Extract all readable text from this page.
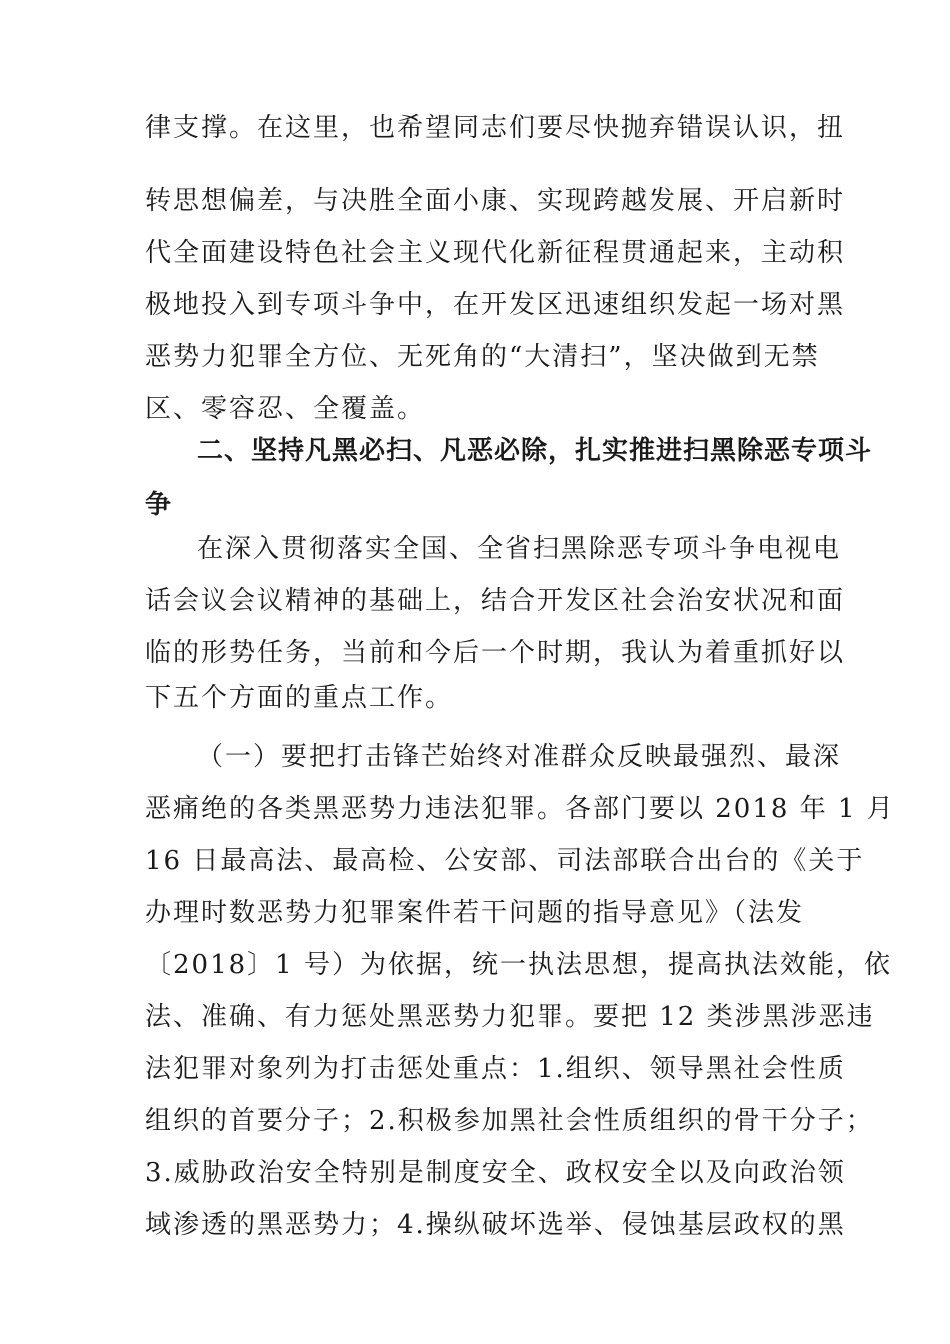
律支撑。在这里，也希望同志们要尽快抛弃错误认识，扭
转思想偏差，与决胜全面小康、实现跨越发展、开启新时
代全面建设特色社会主义现代化新征程贯通起来，主动积
极地投入到专项斗争中，在开发区迅速组织发起一场对黑
恶势力犯罪全方位、无死角的“大清扫”，坚决做到无禁
区、零容忍、全覆盖。
二、坚持凡黑必扫、凡恶必除，扎实推进扫黑除恶专项斗
争
在深入贯彻落实全国、全省扫黑除恶专项斗争电视电
话会议会议精神的基础上，结合开发区社会治安状况和面
临的形势任务，当前和今后一个时期，我认为着重抓好以
下五个方面的重点工作。
（一）要把打击锋芒始终对准群众反映最强烈、最深
恶痛绝的各类黑恶势力违法犯罪。各部门要以 2018 年 1 月
16 日最高法、最高检、公安部、司法部联合出台的《关于
办理时数恶势力犯罪案件若干问题的指导意见》（法发
〔2018〕1 号）为依据，统一执法思想，提高执法效能，依
法、准确、有力惩处黑恶势力犯罪。要把 12 类涉黑涉恶违
法犯罪对象列为打击惩处重点：1.组织、领导黑社会性质
组织的首要分子；2.积极参加黑社会性质组织的骨干分子；
3.威胁政治安全特别是制度安全、政权安全以及向政治领
域渗透的黑恶势力；4.操纵破坏选举、侵蚀基层政权的黑
